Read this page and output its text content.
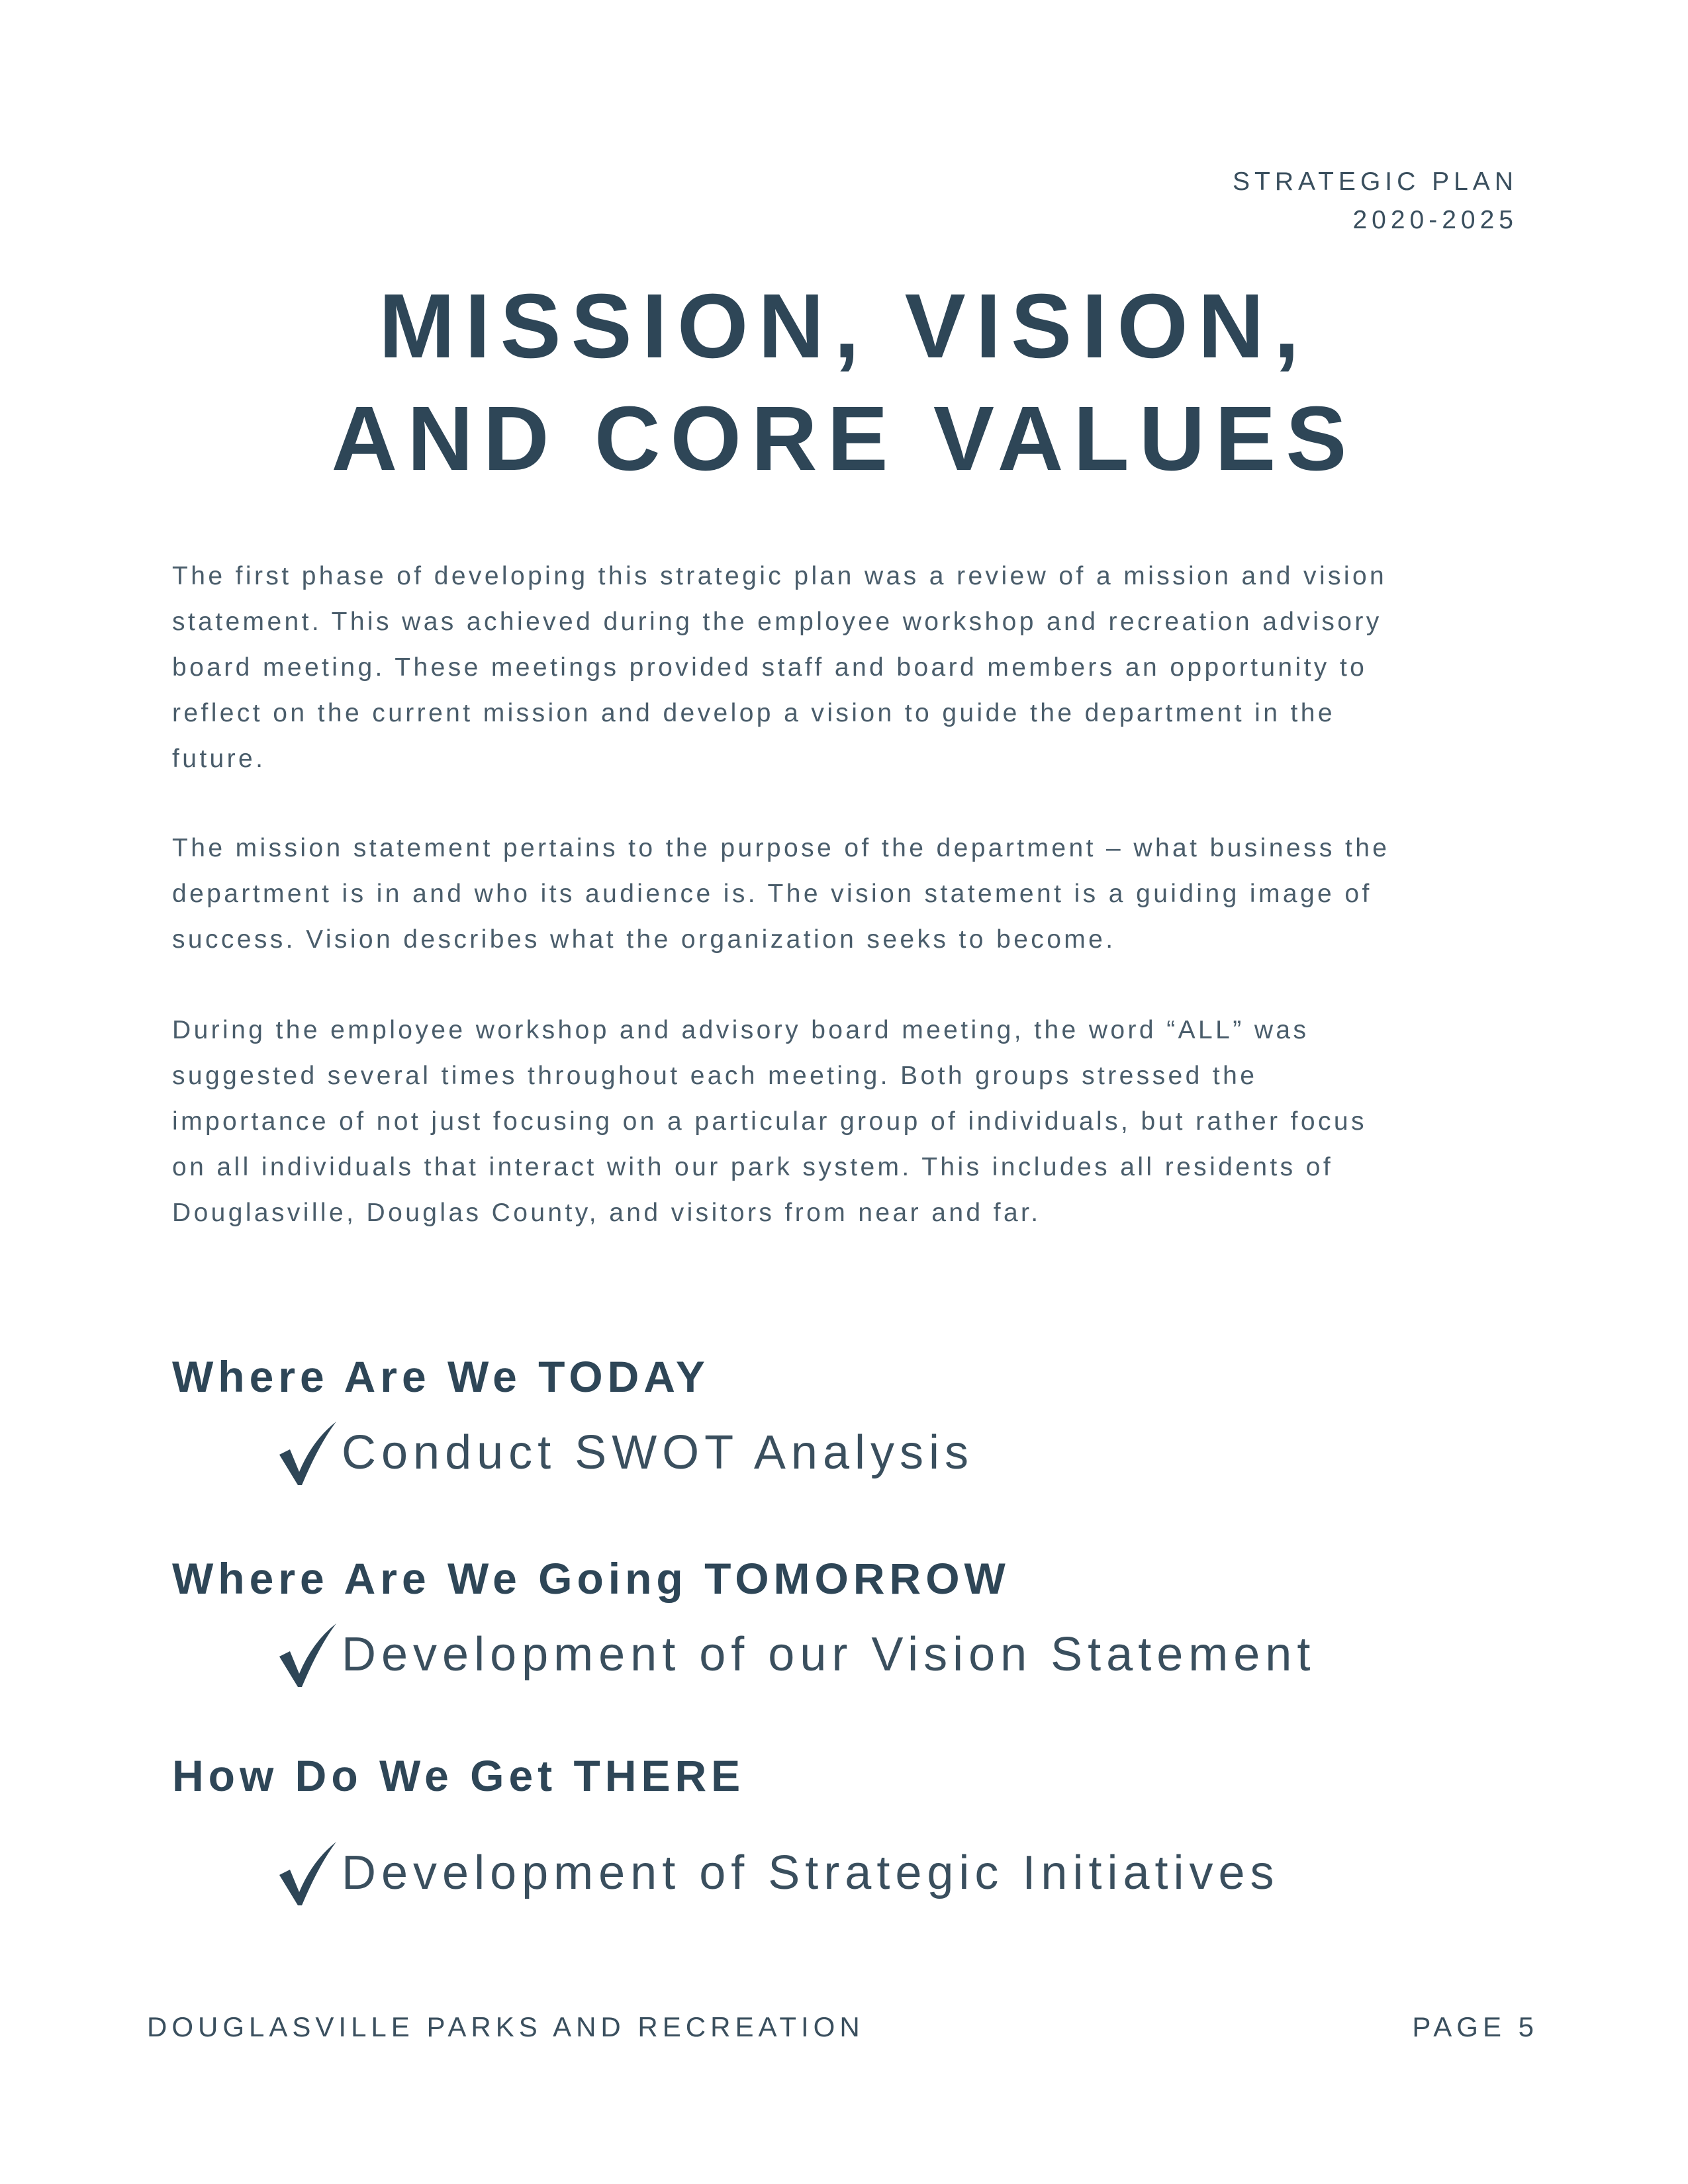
STRATEGIC PLAN
2020-2025
MISSION, VISION,
AND CORE VALUES
The first phase of developing this strategic plan was a review of a mission and vision
statement. This was achieved during the employee workshop and recreation advisory
board meeting. These meetings provided staff and board members an opportunity to
reflect on the current mission and develop a vision to guide the department in the
future.
The mission statement pertains to the purpose of the department – what business the
department is in and who its audience is. The vision statement is a guiding image of
success. Vision describes what the organization seeks to become.
During the employee workshop and advisory board meeting, the word “ALL” was
suggested several times throughout each meeting. Both groups stressed the
importance of not just focusing on a particular group of individuals, but rather focus
on all individuals that interact with our park system. This includes all residents of
Douglasville, Douglas County, and visitors from near and far.
Where Are We TODAY
Conduct SWOT Analysis
Where Are We Going TOMORROW
Development of our Vision Statement
How Do We Get THERE
Development of Strategic Initiatives
DOUGLASVILLE PARKS AND RECREATION	PAGE 5
